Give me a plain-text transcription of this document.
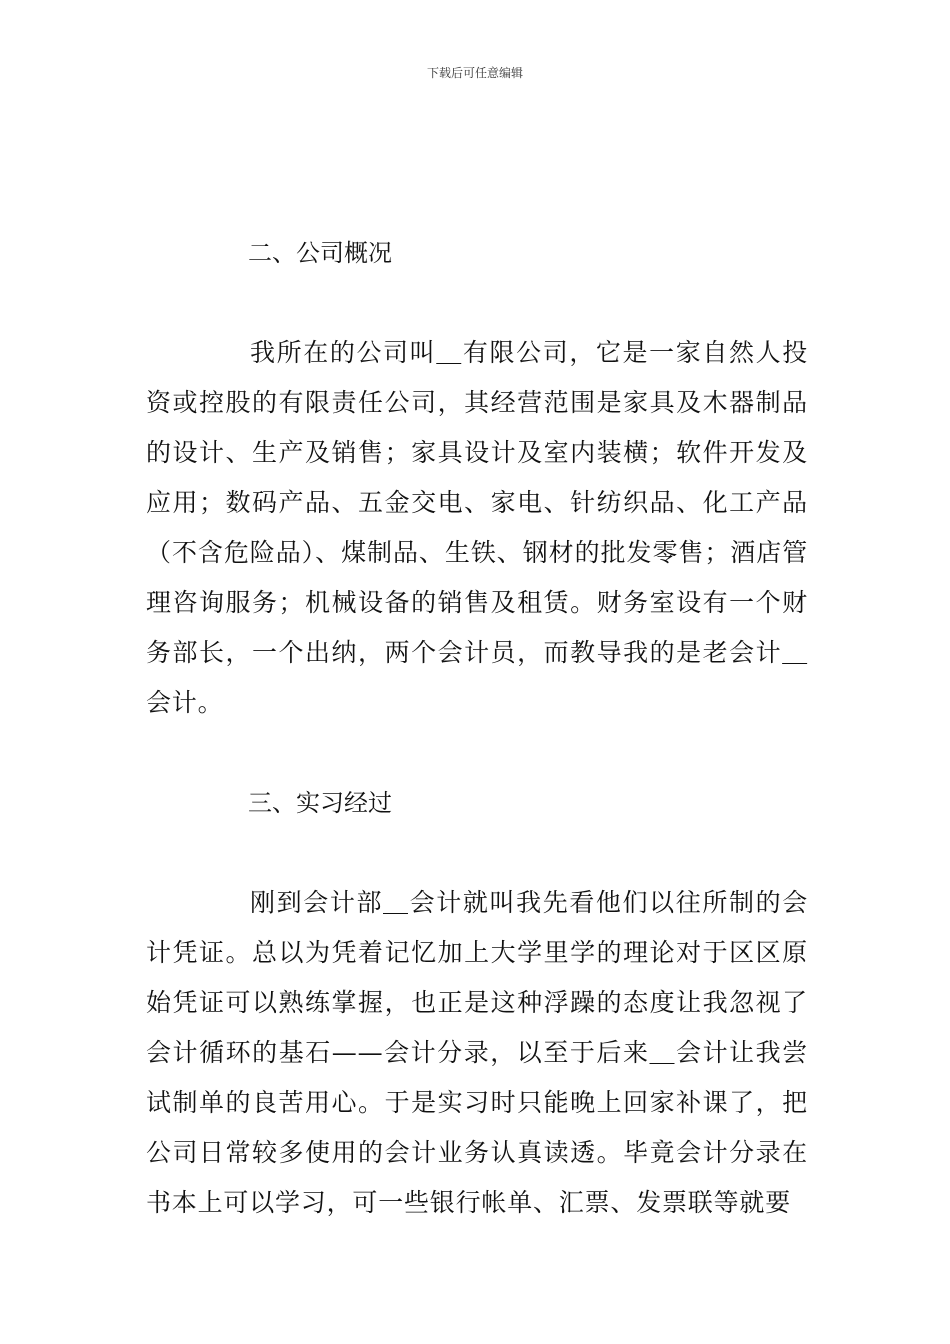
下载后可任意编辑
二、公司概况

我所在的公司叫＿有限公司，它是一家自然人投资或控股的有限责任公司，其经营范围是家具及木器制品的设计、生产及销售；家具设计及室内装横；软件开发及应用；数码产品、五金交电、家电、针纺织品、化工产品（不含危险品）、煤制品、生铁、钢材的批发零售；酒店管理咨询服务；机械设备的销售及租赁。财务室设有一个财务部长，一个出纳，两个会计员，而教导我的是老会计＿会计。

三、实习经过

刚到会计部＿会计就叫我先看他们以往所制的会计凭证。总以为凭着记忆加上大学里学的理论对于区区原始凭证可以熟练掌握，也正是这种浮躁的态度让我忽视了会计循环的基石——会计分录，以至于后来＿会计让我尝试制单的良苦用心。于是实习时只能晚上回家补课了，把公司日常较多使用的会计业务认真读透。毕竟会计分录在书本上可以学习，可一些银行帐单、汇票、发票联等就要
